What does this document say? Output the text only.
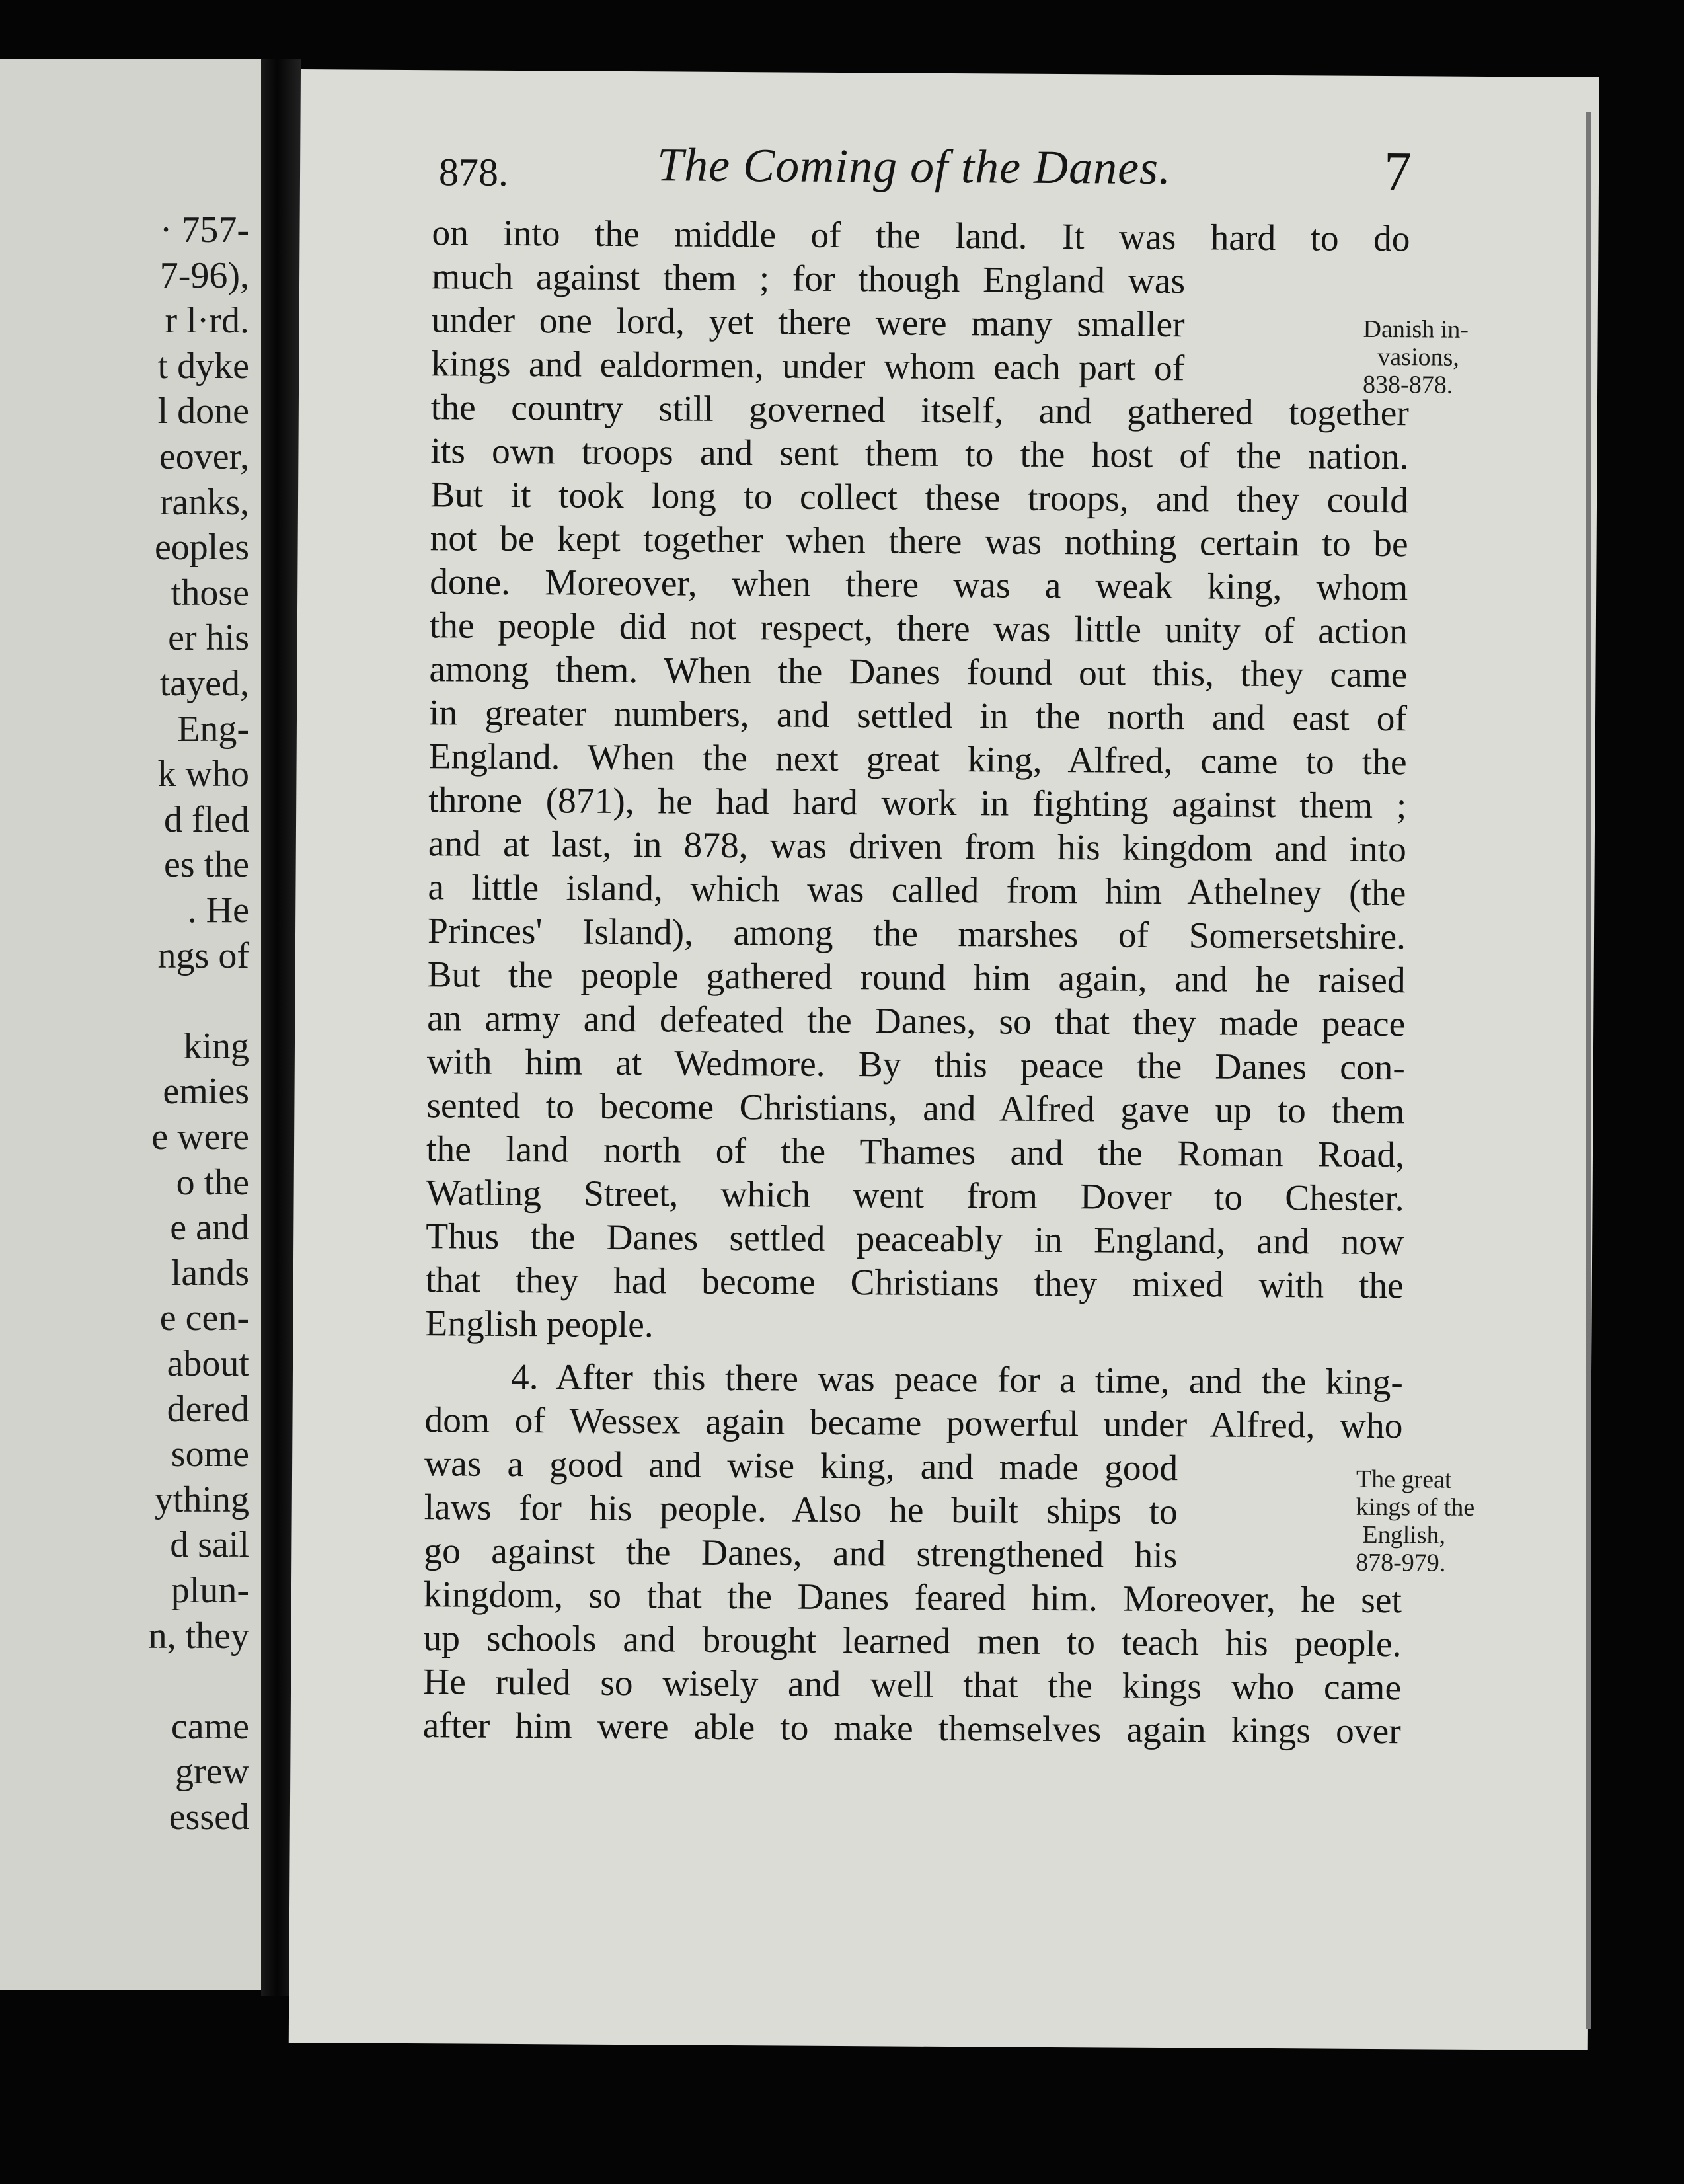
· 757-
7-96),
r l·rd.
t dyke
l done
eover,
ranks,
eoples
those
er his
tayed,
Eng-
k who
d fled
es the
. He
ngs of
king
emies
e were
o the
e and
lands
e cen-
about
dered
some
ything
d sail
plun-
n, they
came
grew
essed
878.	The Coming of the Danes.	7
on into the middle of the land. It was hard to do
much against them ; for though England was
under one lord, yet there were many smaller
kings and ealdormen, under whom each part of
the country still governed itself, and gathered together
its own troops and sent them to the host of the nation.
But it took long to collect these troops, and they could
not be kept together when there was nothing certain to be
done. Moreover, when there was a weak king, whom
the people did not respect, there was little unity of action
among them. When the Danes found out this, they came
in greater numbers, and settled in the north and east of
England. When the next great king, Alfred, came to the
throne (871), he had hard work in fighting against them ;
and at last, in 878, was driven from his kingdom and into
a little island, which was called from him Athelney (the
Princes' Island), among the marshes of Somersetshire.
But the people gathered round him again, and he raised
an army and defeated the Danes, so that they made peace
with him at Wedmore. By this peace the Danes con-
sented to become Christians, and Alfred gave up to them
the land north of the Thames and the Roman Road,
Watling Street, which went from Dover to Chester.
Thus the Danes settled peaceably in England, and now
that they had become Christians they mixed with the
English people.
4. After this there was peace for a time, and the king-
dom of Wessex again became powerful under Alfred, who
was a good and wise king, and made good
laws for his people. Also he built ships to
go against the Danes, and strengthened his
kingdom, so that the Danes feared him. Moreover, he set
up schools and brought learned men to teach his people.
He ruled so wisely and well that the kings who came
after him were able to make themselves again kings over
Danish in-
vasions,
838-878.
The great
kings of the
English,
878-979.
